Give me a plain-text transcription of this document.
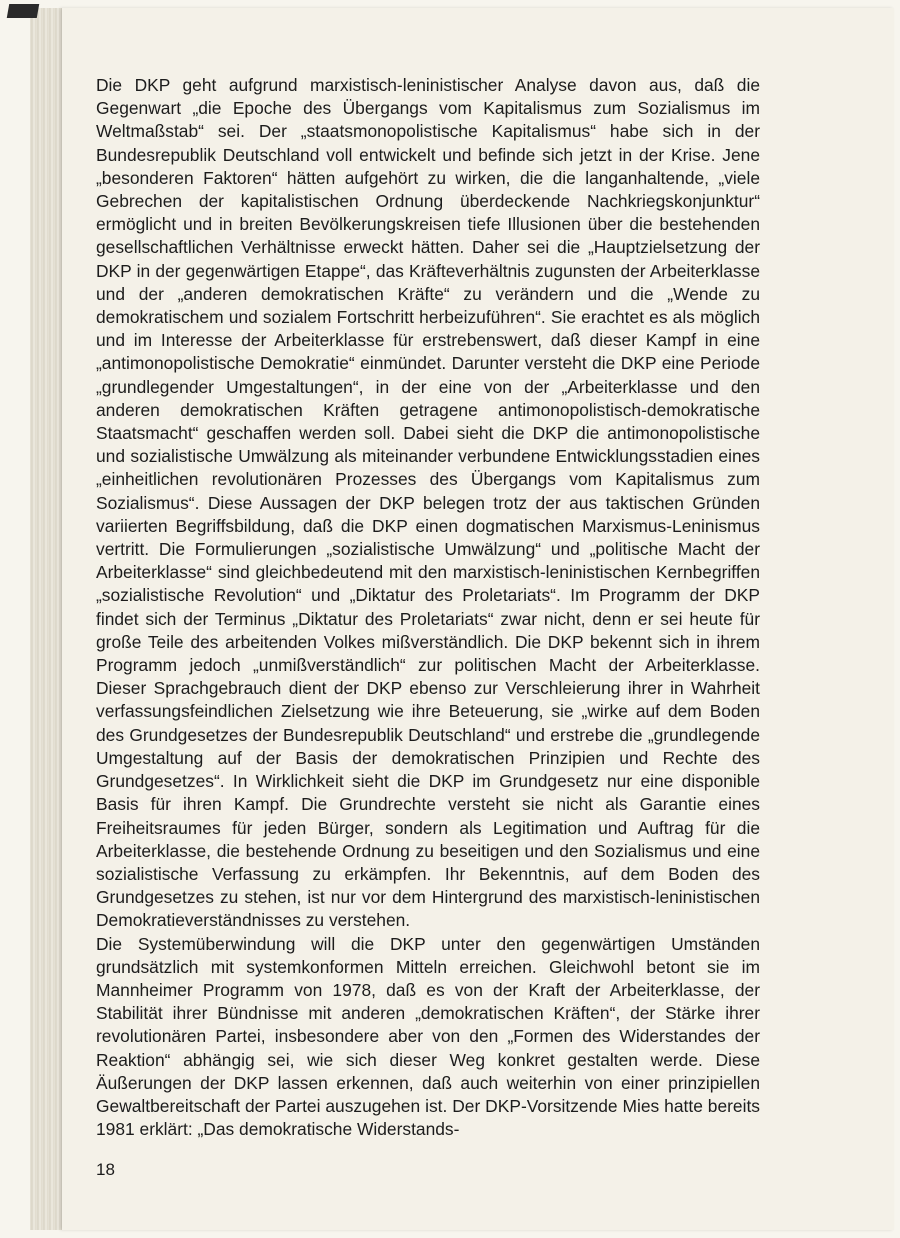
Die DKP geht aufgrund marxistisch-leninistischer Analyse davon aus, daß die Gegenwart „die Epoche des Übergangs vom Kapitalismus zum Sozialismus im Weltmaßstab“ sei. Der „staatsmonopolistische Kapitalismus“ habe sich in der Bundesrepublik Deutschland voll entwickelt und befinde sich jetzt in der Krise. Jene „besonderen Faktoren“ hätten aufgehört zu wirken, die die langanhaltende, „viele Gebrechen der kapitalistischen Ordnung überdeckende Nachkriegskonjunktur“ ermöglicht und in breiten Bevölkerungskreisen tiefe Illusionen über die bestehenden gesellschaftlichen Verhältnisse erweckt hätten. Daher sei die „Hauptzielsetzung der DKP in der gegenwärtigen Etappe“, das Kräfteverhältnis zugunsten der Arbeiterklasse und der „anderen demokratischen Kräfte“ zu verändern und die „Wende zu demokratischem und sozialem Fortschritt herbeizuführen“. Sie erachtet es als möglich und im Interesse der Arbeiterklasse für erstrebenswert, daß dieser Kampf in eine „antimonopolistische Demokratie“ einmündet. Darunter versteht die DKP eine Periode „grundlegender Umgestaltungen“, in der eine von der „Arbeiterklasse und den anderen demokratischen Kräften getragene antimonopolistisch-demokratische Staatsmacht“ geschaffen werden soll. Dabei sieht die DKP die antimonopolistische und sozialistische Umwälzung als miteinander verbundene Entwicklungsstadien eines „einheitlichen revolutionären Prozesses des Übergangs vom Kapitalismus zum Sozialismus“. Diese Aussagen der DKP belegen trotz der aus taktischen Gründen variierten Begriffsbildung, daß die DKP einen dogmatischen Marxismus-Leninismus vertritt. Die Formulierungen „sozialistische Umwälzung“ und „politische Macht der Arbeiterklasse“ sind gleichbedeutend mit den marxistisch-leninistischen Kernbegriffen „sozialistische Revolution“ und „Diktatur des Proletariats“. Im Programm der DKP findet sich der Terminus „Diktatur des Proletariats“ zwar nicht, denn er sei heute für große Teile des arbeitenden Volkes mißverständlich. Die DKP bekennt sich in ihrem Programm jedoch „unmißverständlich“ zur politischen Macht der Arbeiterklasse. Dieser Sprachgebrauch dient der DKP ebenso zur Verschleierung ihrer in Wahrheit verfassungsfeindlichen Zielsetzung wie ihre Beteuerung, sie „wirke auf dem Boden des Grundgesetzes der Bundesrepublik Deutschland“ und erstrebe die „grundlegende Umgestaltung auf der Basis der demokratischen Prinzipien und Rechte des Grundgesetzes“. In Wirklichkeit sieht die DKP im Grundgesetz nur eine disponible Basis für ihren Kampf. Die Grundrechte versteht sie nicht als Garantie eines Freiheitsraumes für jeden Bürger, sondern als Legitimation und Auftrag für die Arbeiterklasse, die bestehende Ordnung zu beseitigen und den Sozialismus und eine sozialistische Verfassung zu erkämpfen. Ihr Bekenntnis, auf dem Boden des Grundgesetzes zu stehen, ist nur vor dem Hintergrund des marxistisch-leninistischen Demokratieverständnisses zu verstehen.

Die Systemüberwindung will die DKP unter den gegenwärtigen Umständen grundsätzlich mit systemkonformen Mitteln erreichen. Gleichwohl betont sie im Mannheimer Programm von 1978, daß es von der Kraft der Arbeiterklasse, der Stabilität ihrer Bündnisse mit anderen „demokratischen Kräften“, der Stärke ihrer revolutionären Partei, insbesondere aber von den „Formen des Widerstandes der Reaktion“ abhängig sei, wie sich dieser Weg konkret gestalten werde. Diese Äußerungen der DKP lassen erkennen, daß auch weiterhin von einer prinzipiellen Gewaltbereitschaft der Partei auszugehen ist. Der DKP-Vorsitzende Mies hatte bereits 1981 erklärt: „Das demokratische Widerstands-

18
